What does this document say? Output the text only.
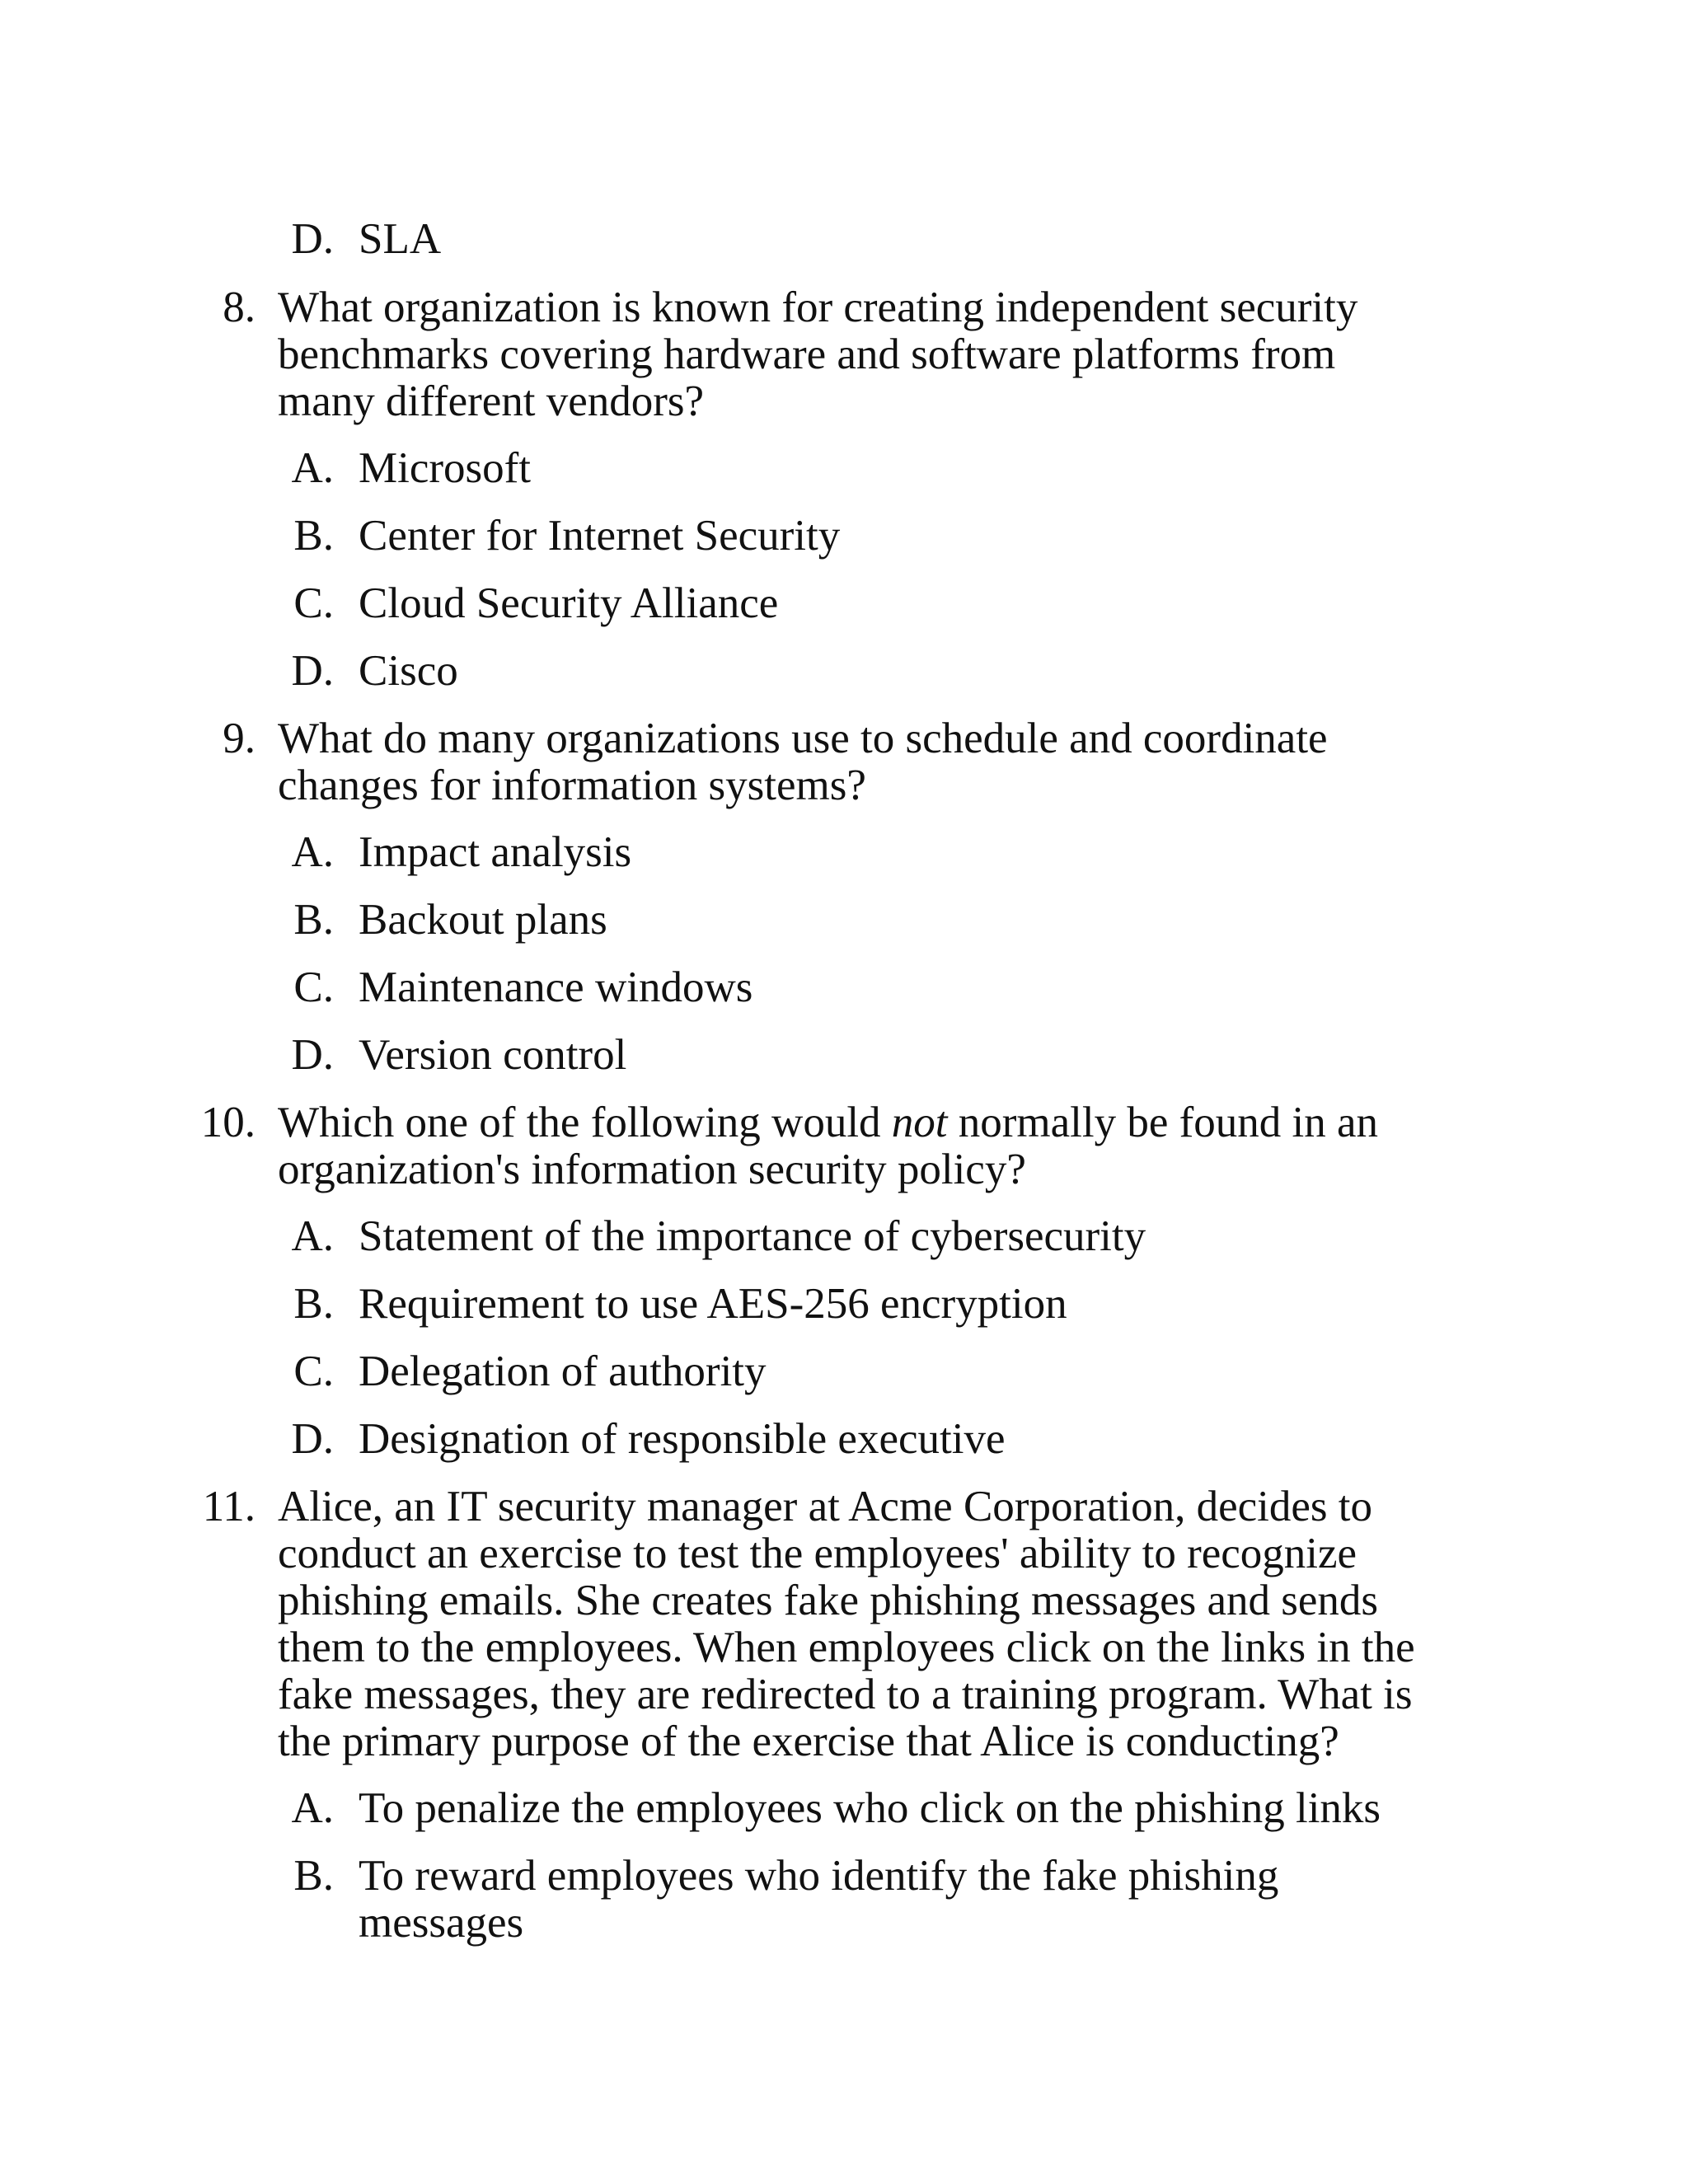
D. SLA
8. What organization is known for creating independent security
benchmarks covering hardware and software platforms from
many different vendors?
A. Microsoft
B. Center for Internet Security
C. Cloud Security Alliance
D. Cisco
9. What do many organizations use to schedule and coordinate
changes for information systems?
A. Impact analysis
B. Backout plans
C. Maintenance windows
D. Version control
10. Which one of the following would not normally be found in an
organization's information security policy?
A. Statement of the importance of cybersecurity
B. Requirement to use AES-256 encryption
C. Delegation of authority
D. Designation of responsible executive
11. Alice, an IT security manager at Acme Corporation, decides to
conduct an exercise to test the employees' ability to recognize
phishing emails. She creates fake phishing messages and sends
them to the employees. When employees click on the links in the
fake messages, they are redirected to a training program. What is
the primary purpose of the exercise that Alice is conducting?
A. To penalize the employees who click on the phishing links
B. To reward employees who identify the fake phishing
messages
